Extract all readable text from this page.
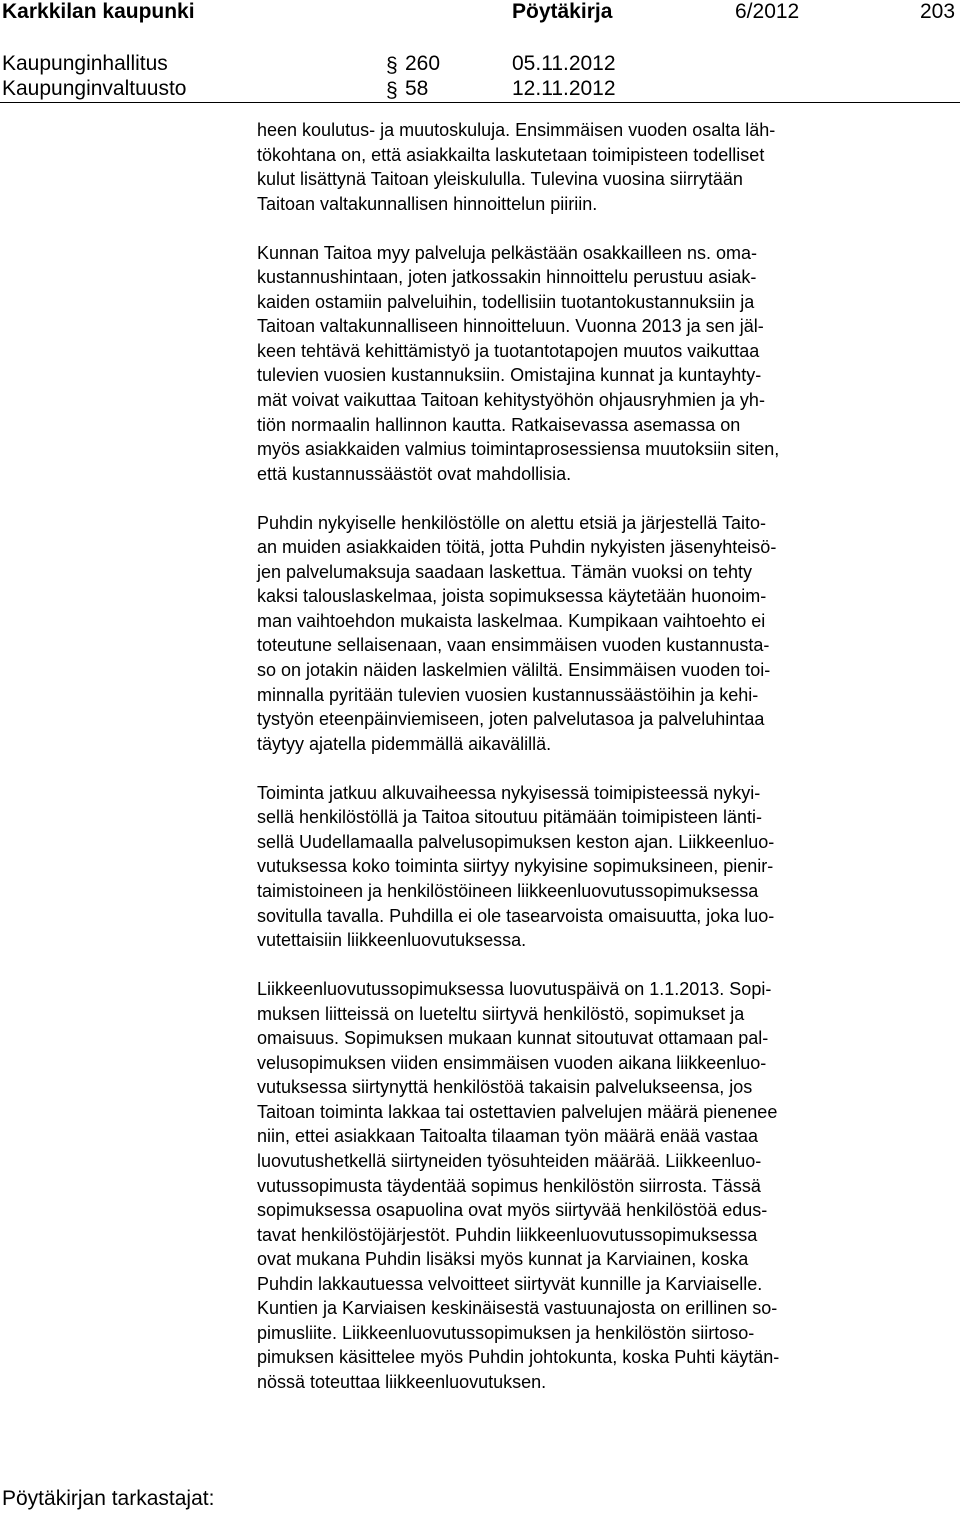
Karkkilan kaupunki	Pöytäkirja	6/2012	203
Kaupunginhallitus	260	05.11.2012
Kaupunginvaltuusto	58	12.11.2012
§
§
heen koulutus- ja muutoskuluja. Ensimmäisen vuoden osalta läh-
tökohtana on, että asiakkailta laskutetaan toimipisteen todelliset
kulut lisättynä Taitoan yleiskululla. Tulevina vuosina siirrytään
Taitoan valtakunnallisen hinnoittelun piiriin.
Kunnan Taitoa myy palveluja pelkästään osakkailleen ns. oma-
kustannushintaan, joten jatkossakin hinnoittelu perustuu asiak-
kaiden ostamiin palveluihin, todellisiin tuotantokustannuksiin ja
Taitoan valtakunnalliseen hinnoitteluun. Vuonna 2013 ja sen jäl-
keen tehtävä kehittämistyö ja tuotantotapojen muutos vaikuttaa
tulevien vuosien kustannuksiin. Omistajina kunnat ja kuntayhty-
mät voivat vaikuttaa Taitoan kehitystyöhön ohjausryhmien ja yh-
tiön normaalin hallinnon kautta. Ratkaisevassa asemassa on
myös asiakkaiden valmius toimintaprosessiensa muutoksiin siten,
että kustannussäästöt ovat mahdollisia.
Puhdin nykyiselle henkilöstölle on alettu etsiä ja järjestellä Taito-
an muiden asiakkaiden töitä, jotta Puhdin nykyisten jäsenyhteisö-
jen palvelumaksuja saadaan laskettua. Tämän vuoksi on tehty
kaksi talouslaskelmaa, joista sopimuksessa käytetään huonoim-
man vaihtoehdon mukaista laskelmaa. Kumpikaan vaihtoehto ei
toteutune sellaisenaan, vaan ensimmäisen vuoden kustannusta-
so on jotakin näiden laskelmien väliltä. Ensimmäisen vuoden toi-
minnalla pyritään tulevien vuosien kustannussäästöihin ja kehi-
tystyön eteenpäinviemiseen, joten palvelutasoa ja palveluhintaa
täytyy ajatella pidemmällä aikavälillä.
Toiminta jatkuu alkuvaiheessa nykyisessä toimipisteessä nykyi-
sellä henkilöstöllä ja Taitoa sitoutuu pitämään toimipisteen länti-
sellä Uudellamaalla palvelusopimuksen keston ajan. Liikkeenluo-
vutuksessa koko toiminta siirtyy nykyisine sopimuksineen, pienir-
taimistoineen ja henkilöstöineen liikkeenluovutussopimuksessa
sovitulla tavalla. Puhdilla ei ole tasearvoista omaisuutta, joka luo-
vutettaisiin liikkeenluovutuksessa.
Liikkeenluovutussopimuksessa luovutuspäivä on 1.1.2013. Sopi-
muksen liitteissä on lueteltu siirtyvä henkilöstö, sopimukset ja
omaisuus. Sopimuksen mukaan kunnat sitoutuvat ottamaan pal-
velusopimuksen viiden ensimmäisen vuoden aikana liikkeenluo-
vutuksessa siirtynyttä henkilöstöä takaisin palvelukseensa, jos
Taitoan toiminta lakkaa tai ostettavien palvelujen määrä pienenee
niin, ettei asiakkaan Taitoalta tilaaman työn määrä enää vastaa
luovutushetkellä siirtyneiden työsuhteiden määrää. Liikkeenluo-
vutussopimusta täydentää sopimus henkilöstön siirrosta. Tässä
sopimuksessa osapuolina ovat myös siirtyvää henkilöstöä edus-
tavat henkilöstöjärjestöt. Puhdin liikkeenluovutussopimuksessa
ovat mukana Puhdin lisäksi myös kunnat ja Karviainen, koska
Puhdin lakkautuessa velvoitteet siirtyvät kunnille ja Karviaiselle.
Kuntien ja Karviaisen keskinäisestä vastuunajosta on erillinen so-
pimusliite. Liikkeenluovutussopimuksen ja henkilöstön siirtoso-
pimuksen käsittelee myös Puhdin johtokunta, koska Puhti käytän-
nössä toteuttaa liikkeenluovutuksen.
Pöytäkirjan tarkastajat:
